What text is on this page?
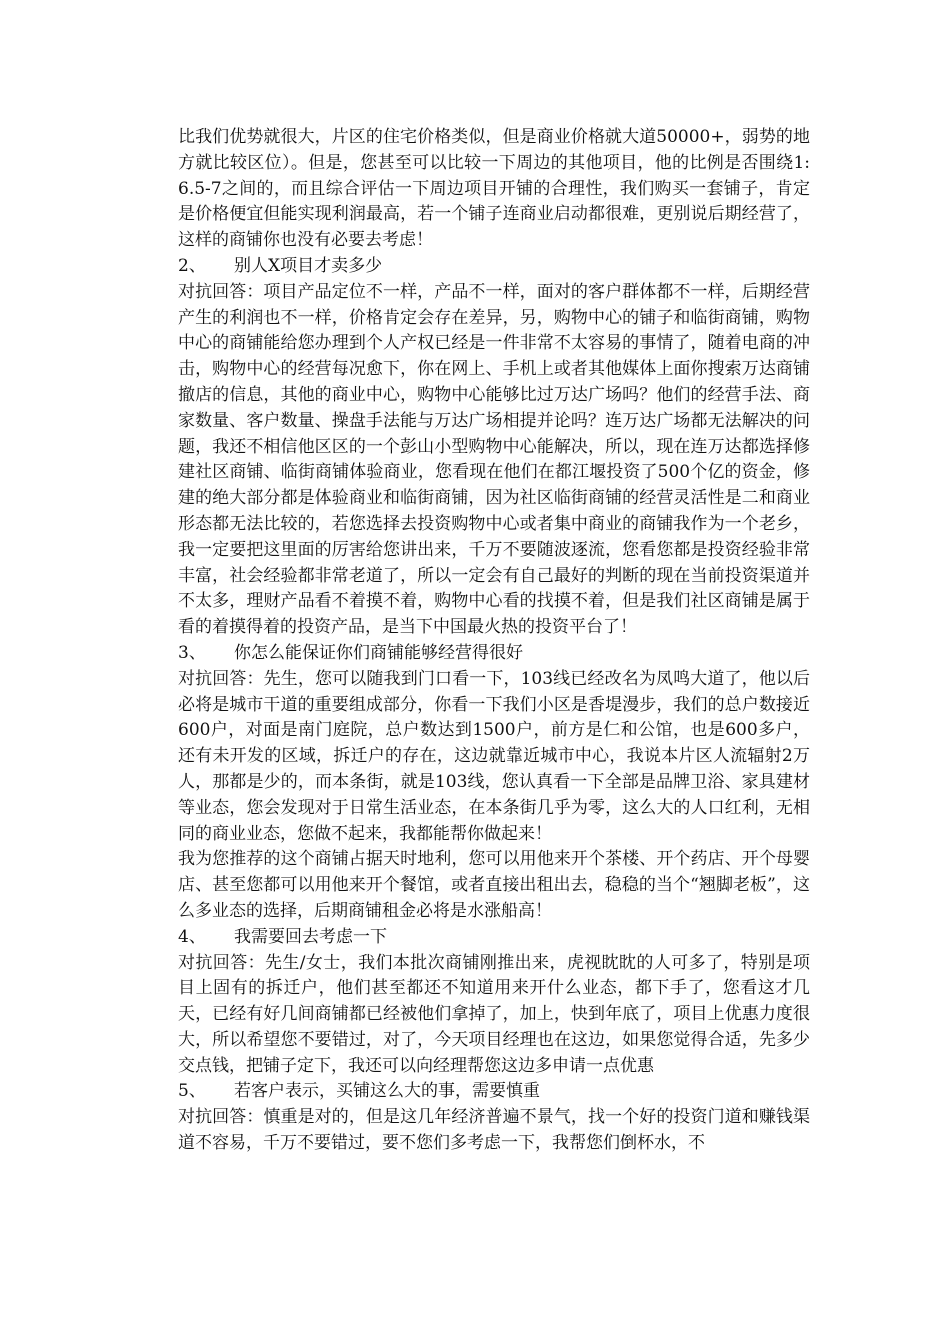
比我们优势就很大，片区的住宅价格类似，但是商业价格就大道50000+，弱势的地方就比较区位）。但是，您甚至可以比较一下周边的其他项目，他的比例是否围绕1:6.5-7之间的，而且综合评估一下周边项目开铺的合理性，我们购买一套铺子，肯定是价格便宜但能实现利润最高，若一个铺子连商业启动都很难，更别说后期经营了，这样的商铺你也没有必要去考虑！

2、 别人X项目才卖多少

对抗回答：项目产品定位不一样，产品不一样，面对的客户群体都不一样，后期经营产生的利润也不一样，价格肯定会存在差异，另，购物中心的铺子和临街商铺，购物中心的商铺能给您办理到个人产权已经是一件非常不太容易的事情了，随着电商的冲击，购物中心的经营每况愈下，你在网上、手机上或者其他媒体上面你搜索万达商铺撤店的信息，其他的商业中心，购物中心能够比过万达广场吗？他们的经营手法、商家数量、客户数量、操盘手法能与万达广场相提并论吗？连万达广场都无法解决的问题，我还不相信他区区的一个彭山小型购物中心能解决，所以，现在连万达都选择修建社区商铺、临街商铺体验商业，您看现在他们在都江堰投资了500个亿的资金，修建的绝大部分都是体验商业和临街商铺，因为社区临街商铺的经营灵活性是二和商业形态都无法比较的，若您选择去投资购物中心或者集中商业的商铺我作为一个老乡，我一定要把这里面的厉害给您讲出来，千万不要随波逐流，您看您都是投资经验非常丰富，社会经验都非常老道了，所以一定会有自己最好的判断的现在当前投资渠道并不太多，理财产品看不着摸不着，购物中心看的找摸不着，但是我们社区商铺是属于看的着摸得着的投资产品，是当下中国最火热的投资平台了！

3、 你怎么能保证你们商铺能够经营得很好

对抗回答：先生，您可以随我到门口看一下，103线已经改名为凤鸣大道了，他以后必将是城市干道的重要组成部分，你看一下我们小区是香堤漫步，我们的总户数接近600户，对面是南门庭院，总户数达到1500户，前方是仁和公馆，也是600多户，还有未开发的区域，拆迁户的存在，这边就靠近城市中心，我说本片区人流辐射2万人，那都是少的，而本条街，就是103线，您认真看一下全部是品牌卫浴、家具建材等业态，您会发现对于日常生活业态，在本条街几乎为零，这么大的人口红利，无相同的商业业态，您做不起来，我都能帮你做起来！

我为您推荐的这个商铺占据天时地利，您可以用他来开个茶楼、开个药店、开个母婴店、甚至您都可以用他来开个餐馆，或者直接出租出去，稳稳的当个“翘脚老板”，这么多业态的选择，后期商铺租金必将是水涨船高！

4、 我需要回去考虑一下

对抗回答：先生/女士，我们本批次商铺刚推出来，虎视眈眈的人可多了，特别是项目上固有的拆迁户，他们甚至都还不知道用来开什么业态，都下手了，您看这才几天，已经有好几间商铺都已经被他们拿掉了，加上，快到年底了，项目上优惠力度很大，所以希望您不要错过，对了，今天项目经理也在这边，如果您觉得合适，先多少交点钱，把铺子定下，我还可以向经理帮您这边多申请一点优惠

5、 若客户表示，买铺这么大的事，需要慎重

对抗回答：慎重是对的，但是这几年经济普遍不景气，找一个好的投资门道和赚钱渠道不容易，千万不要错过，要不您们多考虑一下，我帮您们倒杯水，不
